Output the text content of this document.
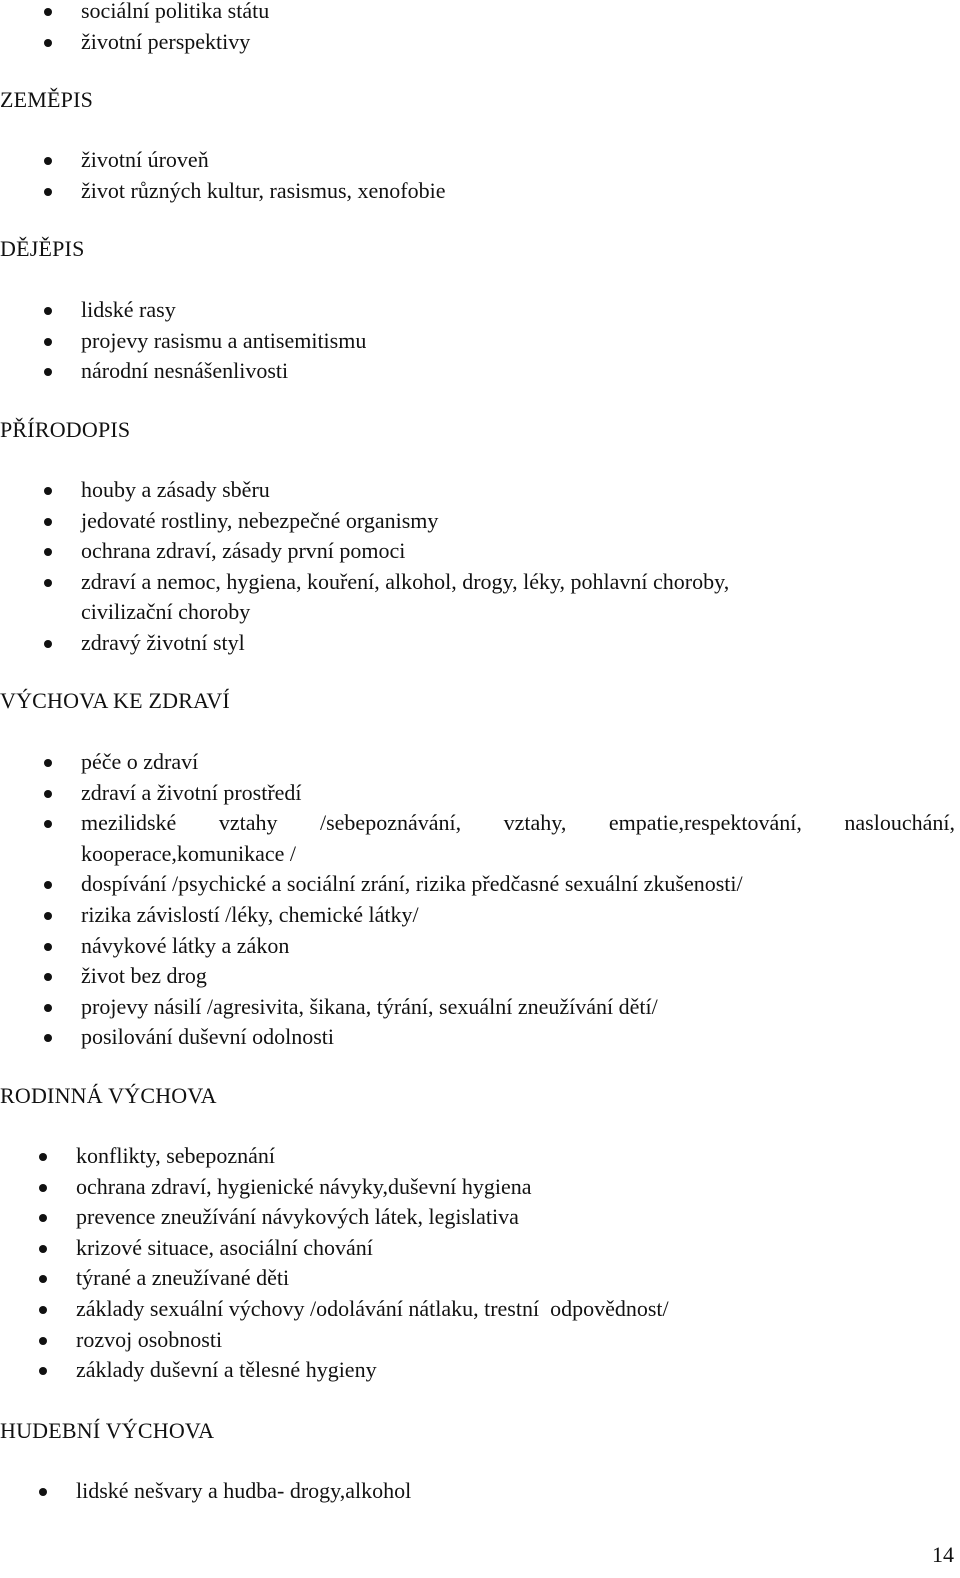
sociální politika státu
životní perspektivy
ZEMĚPIS
životní úroveň
život různých kultur, rasismus, xenofobie
DĚJĚPIS
lidské rasy
projevy rasismu a antisemitismu
národní nesnášenlivosti
PŘÍRODOPIS
houby a zásady sběru
jedovaté rostliny, nebezpečné organismy
ochrana zdraví, zásady první pomoci
zdraví a nemoc, hygiena, kouření, alkohol, drogy, léky, pohlavní choroby, civilizační choroby
zdravý životní styl
VÝCHOVA KE ZDRAVÍ
péče o zdraví
zdraví a životní prostředí
mezilidské vztahy /sebepoznávání, vztahy, empatie,respektování, naslouchání, kooperace,komunikace /
dospívání /psychické a sociální zrání, rizika předčasné sexuální zkušenosti/
rizika závislostí /léky, chemické látky/
návykové látky a zákon
život bez drog
projevy násilí /agresivita, šikana, týrání, sexuální zneužívání dětí/
posilování duševní odolnosti
RODINNÁ VÝCHOVA
konflikty, sebepoznání
ochrana zdraví, hygienické návyky,duševní hygiena
prevence zneužívání návykových látek, legislativa
krizové situace, asociální chování
týrané a zneužívané děti
základy sexuální výchovy /odolávání nátlaku, trestní  odpovědnost/
rozvoj osobnosti
základy duševní a tělesné hygieny
HUDEBNÍ VÝCHOVA
lidské nešvary a hudba- drogy,alkohol
14
